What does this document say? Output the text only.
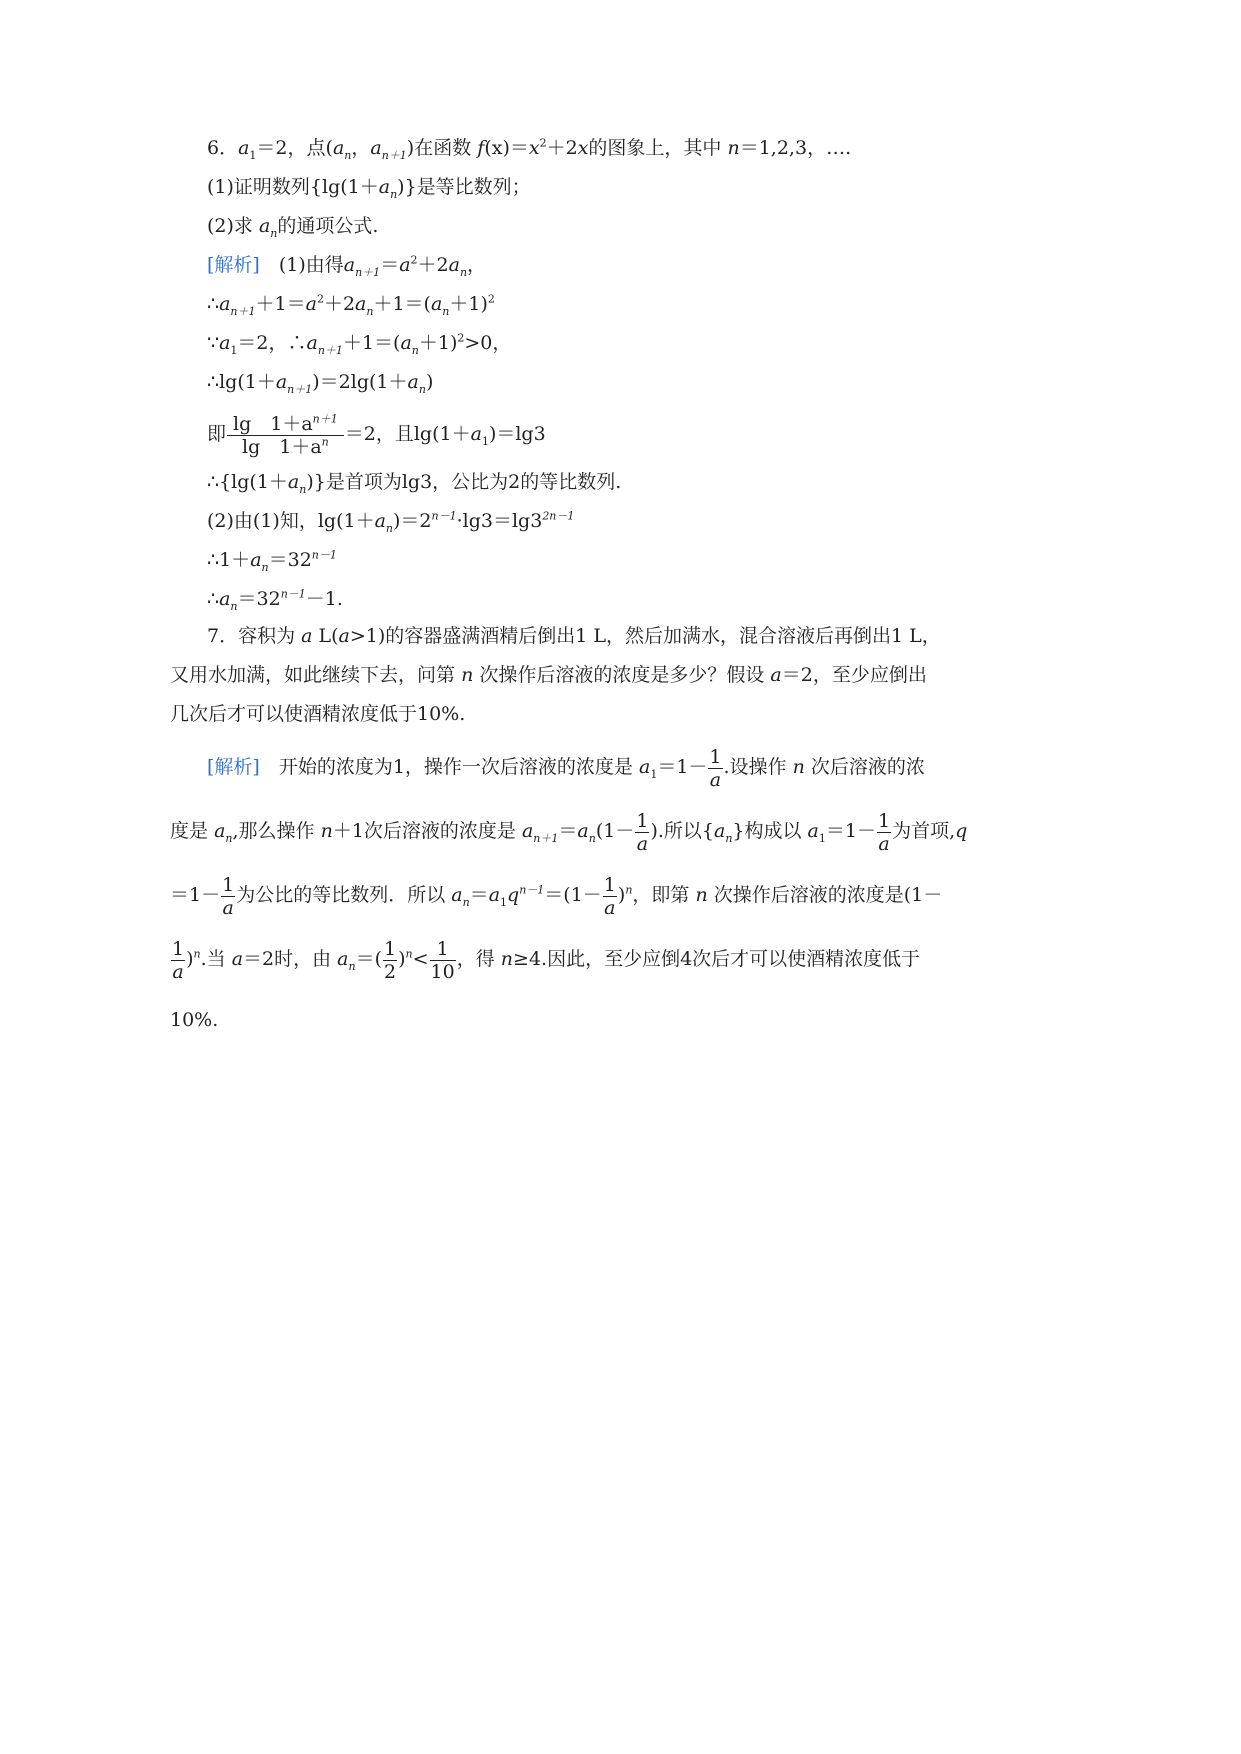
6．$a_1=2$，点($a_n$，$a_{n+1}$)在函数 $f(x)=x^2+2x$的图象上，其中 n＝1,2,3，….
(1)证明数列$\{\lg(1+a_n)\}$是等比数列；
(2)求 $a_n$的通项公式.
[解析]　 (1)由得$a_{n+1}=a^2+2a_n$，
$\therefore a_{n+1}+1=a^2+2a_n+1=(a_n+1)^2$
$\because a_1=2$，$\therefore a_{n+1}+1=(a_n+1)^2>0$，
$\therefore\lg(1+a_{n+1})=2\lg(1+a_n)$
即 $\frac{\lg 1+a^{n+1}}{\lg 1+a^n} =2$，且$\lg(1+a_1)=\lg 3$
$\therefore\{\lg(1+a_n)\}$是首项为lg3，公比为2的等比数列.
(2)由(1)知，$\lg(1+a_n)=2^{n-1}\cdot\lg 3=\lg 3^{2n-1}$
$\therefore 1+a_n=32^{n-1}$
$\therefore a_n=32^{n-1}-1$.
7．容积为 a L(a>1)的容器盛满酒精后倒出1 L，然后加满水，混合溶液后再倒出1 L，
又用水加满，如此继续下去，问第 n 次操作后溶液的浓度是多少？假设 a＝2，至少应倒出
几次后才可以使酒精浓度低于10%.
[解析]　 开始的浓度为1，操作一次后溶液的浓度是 $a_1=1- \frac{1}{a}$ .设操作 n 次后溶液的浓
度是 $a_n$,那么操作 n＋1次后溶液的浓度是 $a_{n+1}=a_n(1- \frac{1}{a}$ ).所以$\{a_n\}$构成以 $a_1=1- \frac{1}{a}$ 为首项,q
$=1- \frac{1}{a}$ 为公比的等比数列．所以 $a_n=a_1q^{n-1}=(1- \frac{1}{a} )^n$，即第 n 次操作后溶液的浓度是(1－
$\frac{1}{a} )^n$.当 a＝2时，由 $a_n=( \frac{1}{2} )^n< \frac{1}{10}$ ，得 n≥4.因此，至少应倒4次后才可以使酒精浓度低于
10%.
